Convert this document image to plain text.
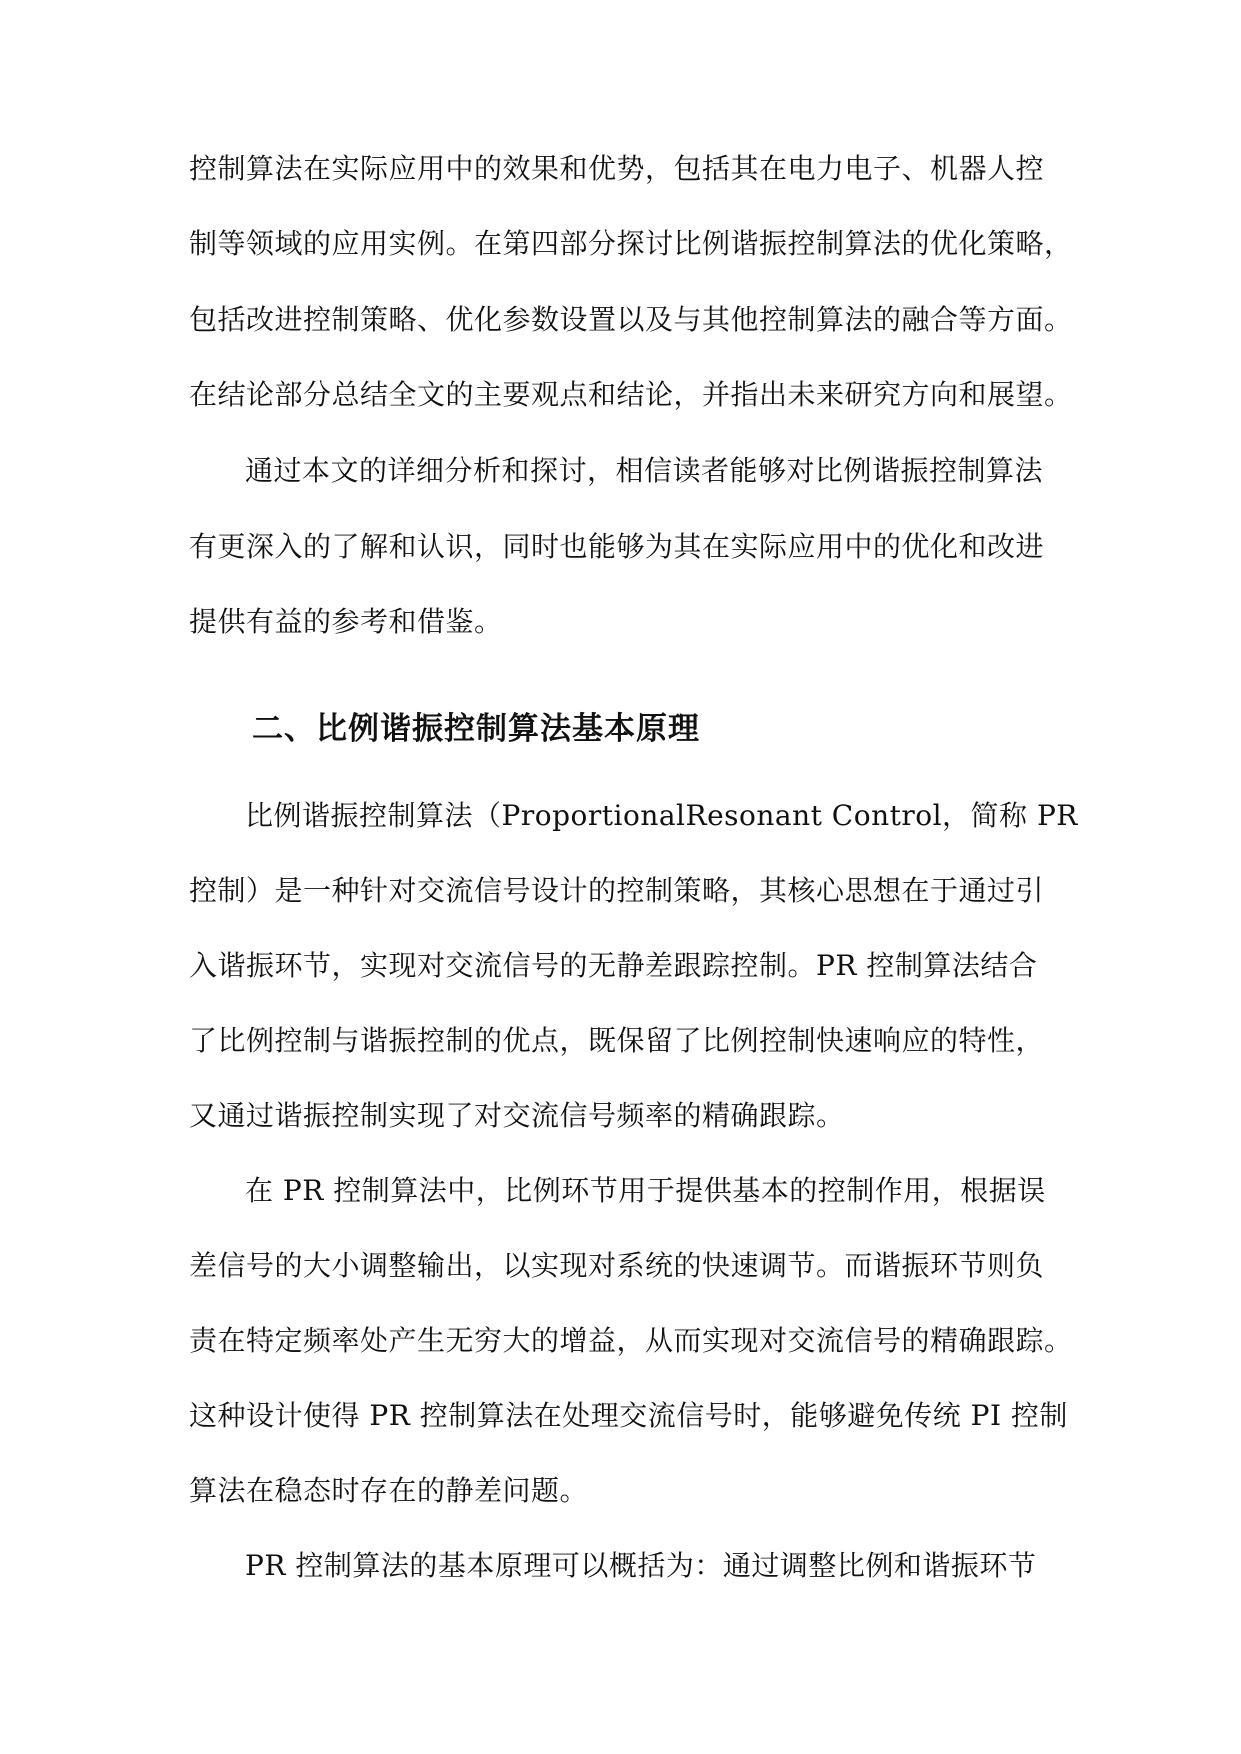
控制算法在实际应用中的效果和优势，包括其在电力电子、机器人控
制等领域的应用实例。在第四部分探讨比例谐振控制算法的优化策略，
包括改进控制策略、优化参数设置以及与其他控制算法的融合等方面。
在结论部分总结全文的主要观点和结论，并指出未来研究方向和展望。
通过本文的详细分析和探讨，相信读者能够对比例谐振控制算法
有更深入的了解和认识，同时也能够为其在实际应用中的优化和改进
提供有益的参考和借鉴。
二、比例谐振控制算法基本原理
比例谐振控制算法（ProportionalResonant Control，简称 PR
控制）是一种针对交流信号设计的控制策略，其核心思想在于通过引
入谐振环节，实现对交流信号的无静差跟踪控制。PR 控制算法结合
了比例控制与谐振控制的优点，既保留了比例控制快速响应的特性，
又通过谐振控制实现了对交流信号频率的精确跟踪。
在 PR 控制算法中，比例环节用于提供基本的控制作用，根据误
差信号的大小调整输出，以实现对系统的快速调节。而谐振环节则负
责在特定频率处产生无穷大的增益，从而实现对交流信号的精确跟踪。
这种设计使得 PR 控制算法在处理交流信号时，能够避免传统 PI 控制
算法在稳态时存在的静差问题。
PR 控制算法的基本原理可以概括为：通过调整比例和谐振环节
